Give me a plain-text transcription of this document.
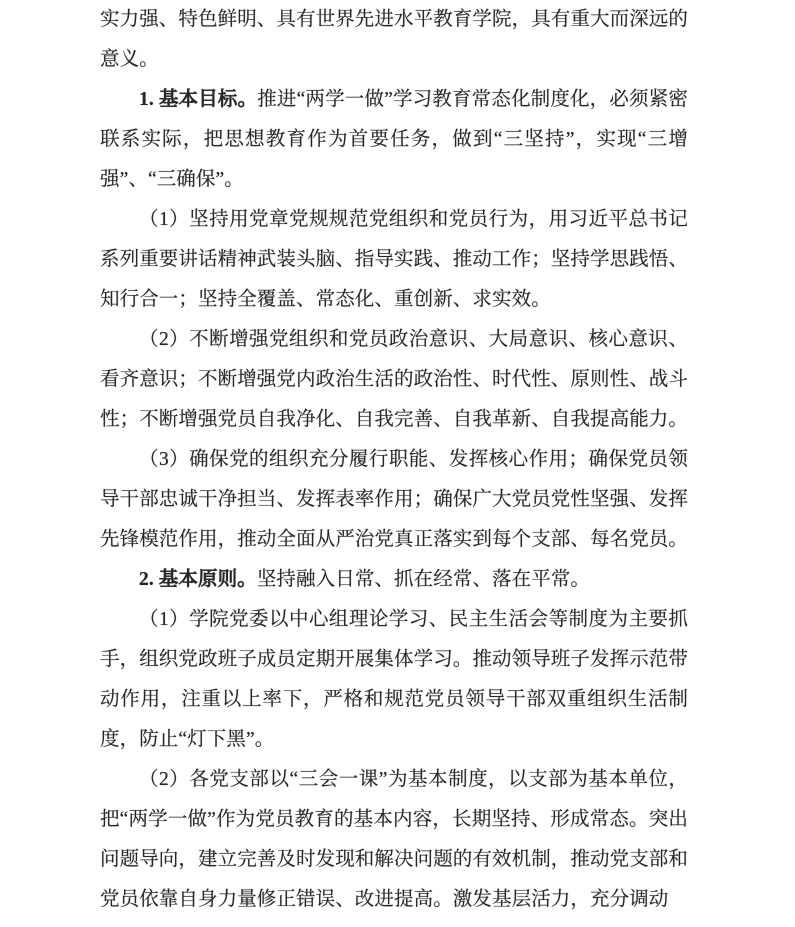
实力强、特色鲜明、具有世界先进水平教育学院，具有重大而深远的意义。

1. 基本目标。推进“两学一做”学习教育常态化制度化，必须紧密联系实际，把思想教育作为首要任务，做到“三坚持”，实现“三增强”、“三确保”。

（1）坚持用党章党规规范党组织和党员行为，用习近平总书记系列重要讲话精神武装头脑、指导实践、推动工作；坚持学思践悟、知行合一；坚持全覆盖、常态化、重创新、求实效。

（2）不断增强党组织和党员政治意识、大局意识、核心意识、看齐意识；不断增强党内政治生活的政治性、时代性、原则性、战斗性；不断增强党员自我净化、自我完善、自我革新、自我提高能力。

（3）确保党的组织充分履行职能、发挥核心作用；确保党员领导干部忠诚干净担当、发挥表率作用；确保广大党员党性坚强、发挥先锋模范作用，推动全面从严治党真正落实到每个支部、每名党员。

2. 基本原则。坚持融入日常、抓在经常、落在平常。

（1）学院党委以中心组理论学习、民主生活会等制度为主要抓手，组织党政班子成员定期开展集体学习。推动领导班子发挥示范带动作用，注重以上率下，严格和规范党员领导干部双重组织生活制度，防止“灯下黑”。

（2）各党支部以“三会一课”为基本制度，以支部为基本单位，把“两学一做”作为党员教育的基本内容，长期坚持、形成常态。突出问题导向，建立完善及时发现和解决问题的有效机制，推动党支部和党员依靠自身力量修正错误、改进提高。激发基层活力，充分调动
